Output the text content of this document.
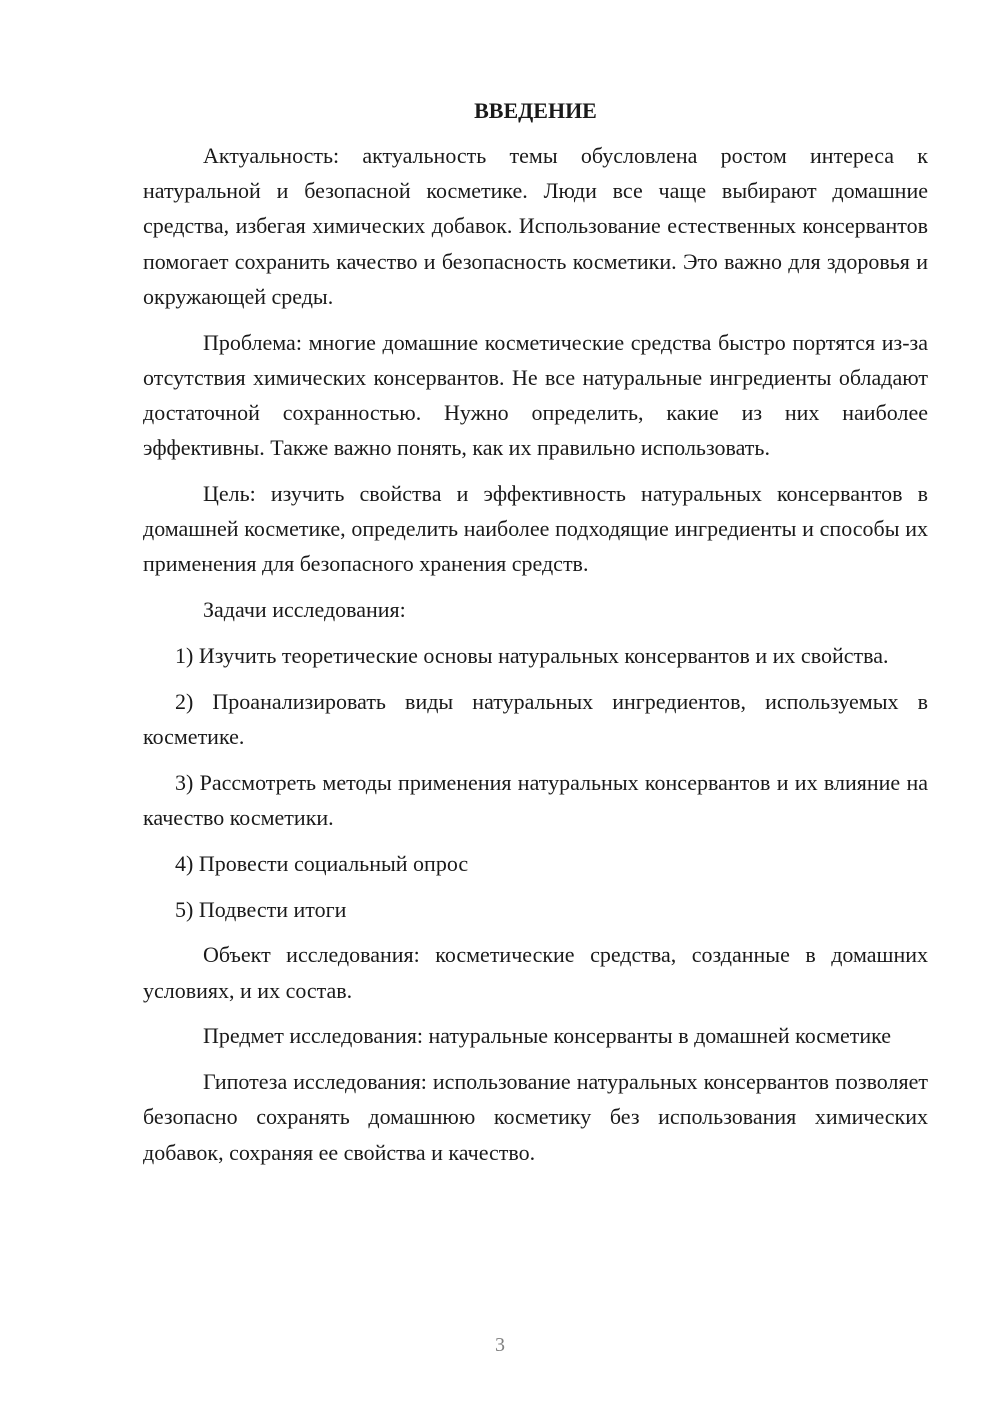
ВВЕДЕНИЕ

Актуальность: актуальность темы обусловлена ростом интереса к натуральной и безопасной косметике. Люди все чаще выбирают домашние средства, избегая химических добавок. Использование естественных консервантов помогает сохранить качество и безопасность косметики. Это важно для здоровья и окружающей среды.

Проблема: многие домашние косметические средства быстро портятся из-за отсутствия химических консервантов. Не все натуральные ингредиенты обладают достаточной сохранностью. Нужно определить, какие из них наиболее эффективны. Также важно понять, как их правильно использовать.

Цель: изучить свойства и эффективность натуральных консервантов в домашней косметике, определить наиболее подходящие ингредиенты и способы их применения для безопасного хранения средств.

Задачи исследования:

1) Изучить теоретические основы натуральных консервантов и их свойства.

2) Проанализировать виды натуральных ингредиентов, используемых в косметике.

3) Рассмотреть методы применения натуральных консервантов и их влияние на качество косметики.

4) Провести социальный опрос

5) Подвести итоги

Объект исследования: косметические средства, созданные в домашних условиях, и их состав.

Предмет исследования: натуральные консерванты в домашней косметике

Гипотеза исследования: использование натуральных консервантов позволяет безопасно сохранять домашнюю косметику без использования химических добавок, сохраняя ее свойства и качество.

3
